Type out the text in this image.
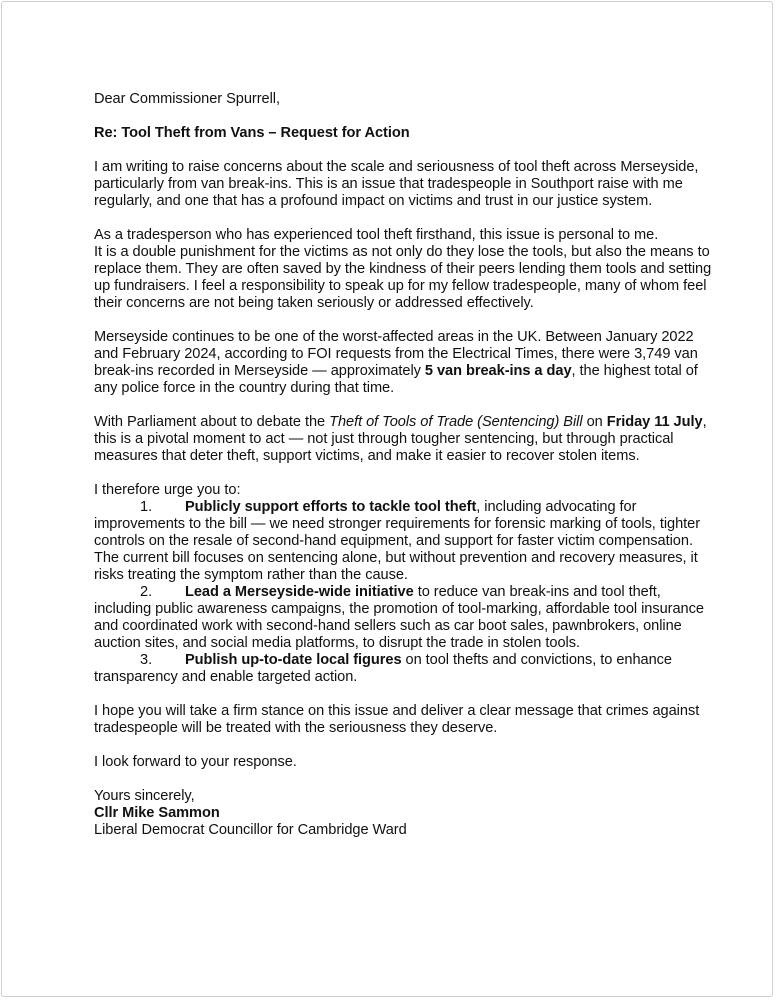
Dear Commissioner Spurrell,

Re: Tool Theft from Vans – Request for Action

I am writing to raise concerns about the scale and seriousness of tool theft across Merseyside, particularly from van break-ins. This is an issue that tradespeople in Southport raise with me regularly, and one that has a profound impact on victims and trust in our justice system.

As a tradesperson who has experienced tool theft firsthand, this issue is personal to me.
It is a double punishment for the victims as not only do they lose the tools, but also the means to replace them. They are often saved by the kindness of their peers lending them tools and setting up fundraisers. I feel a responsibility to speak up for my fellow tradespeople, many of whom feel their concerns are not being taken seriously or addressed effectively.

Merseyside continues to be one of the worst-affected areas in the UK. Between January 2022 and February 2024, according to FOI requests from the Electrical Times, there were 3,749 van break-ins recorded in Merseyside — approximately 5 van break-ins a day, the highest total of any police force in the country during that time.

With Parliament about to debate the Theft of Tools of Trade (Sentencing) Bill on Friday 11 July, this is a pivotal moment to act — not just through tougher sentencing, but through practical measures that deter theft, support victims, and make it easier to recover stolen items.

I therefore urge you to:

1. Publicly support efforts to tackle tool theft, including advocating for improvements to the bill — we need stronger requirements for forensic marking of tools, tighter controls on the resale of second-hand equipment, and support for faster victim compensation. The current bill focuses on sentencing alone, but without prevention and recovery measures, it risks treating the symptom rather than the cause.
2. Lead a Merseyside-wide initiative to reduce van break-ins and tool theft, including public awareness campaigns, the promotion of tool-marking, affordable tool insurance and coordinated work with second-hand sellers such as car boot sales, pawnbrokers, online auction sites, and social media platforms, to disrupt the trade in stolen tools.
3. Publish up-to-date local figures on tool thefts and convictions, to enhance transparency and enable targeted action.

I hope you will take a firm stance on this issue and deliver a clear message that crimes against tradespeople will be treated with the seriousness they deserve.

I look forward to your response.

Yours sincerely,

Cllr Mike Sammon

Liberal Democrat Councillor for Cambridge Ward
